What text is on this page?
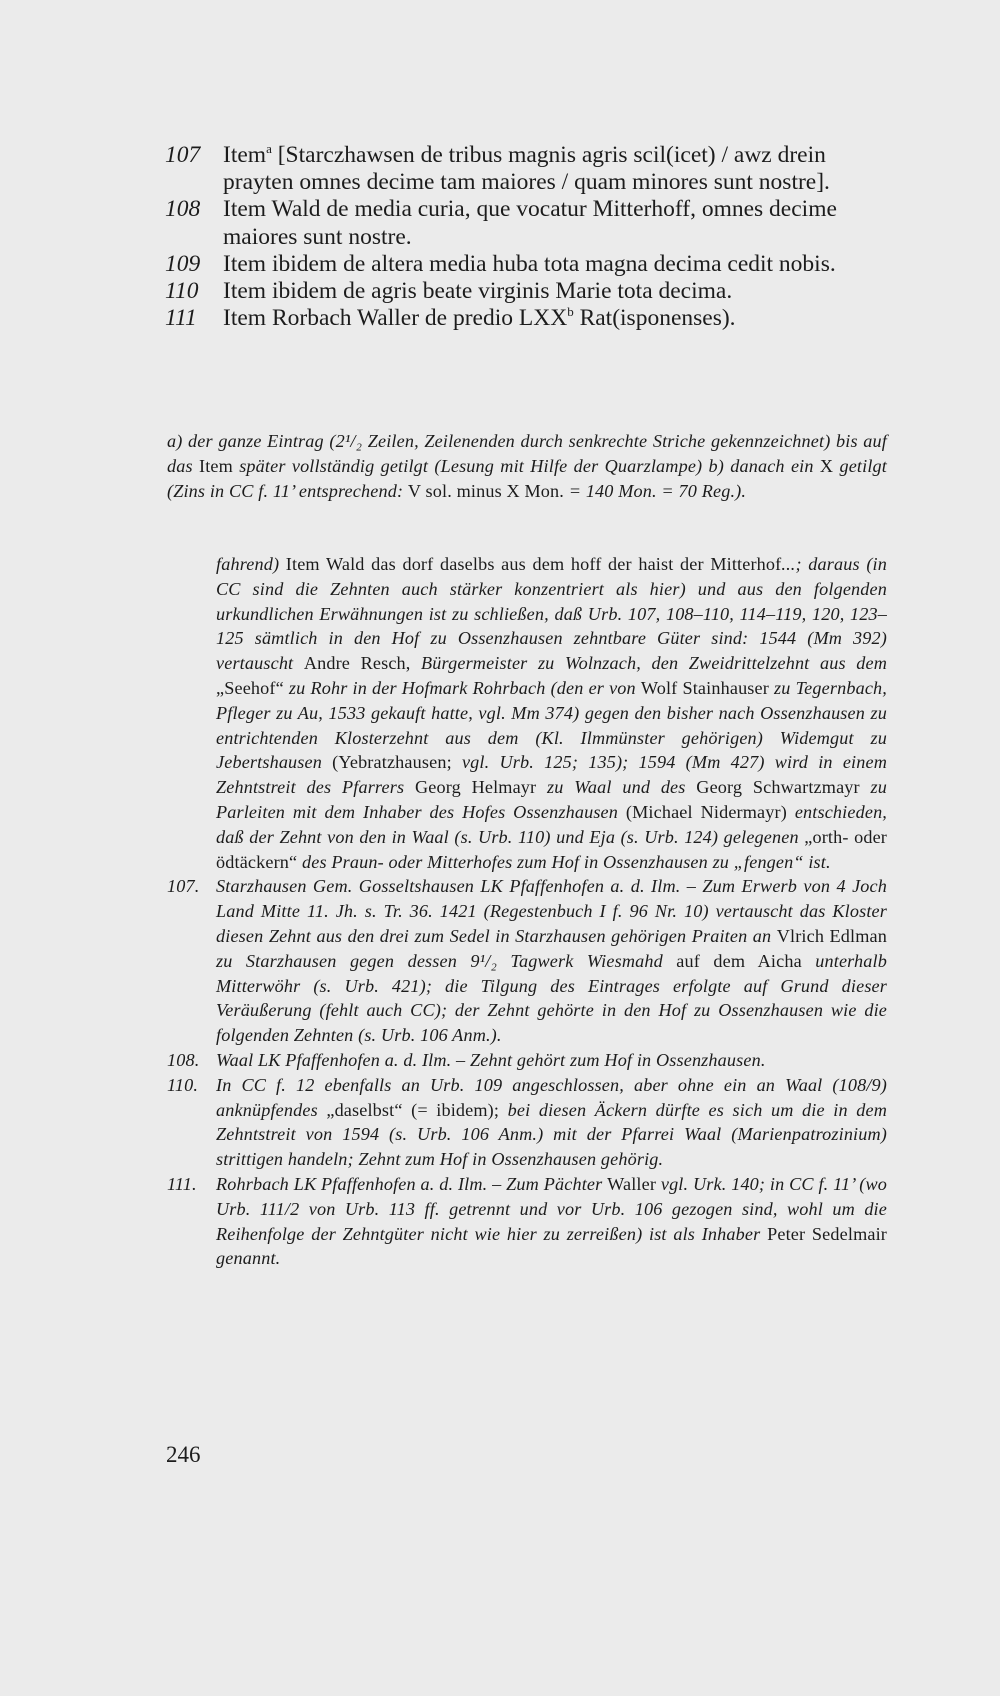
107 Item$^a$ [Starczhawsen de tribus magnis agris scil(icet) / awz drein prayten omnes decime tam maiores / quam minores sunt nostre].

108 Item Wald de media curia, que vocatur Mitterhoff, omnes decime maiores sunt nostre.

109 Item ibidem de altera media huba tota magna decima cedit nobis.

110 Item ibidem de agris beate virginis Marie tota decima.

111 Item Rorbach Waller de predio LXX$^b$ Rat(isponenses).

a) der ganze Eintrag (2¹/₂ Zeilen, Zeilenenden durch senkrechte Striche gekennzeichnet) bis auf das Item später vollständig getilgt (Lesung mit Hilfe der Quarzlampe) b) danach ein X getilgt (Zins in CC f. 11’ entsprechend: V sol. minus X Mon. = 140 Mon. = 70 Reg.).

fahrend) Item Wald das dorf daselbs aus dem hoff der haist der Mitterhof...; daraus (in CC sind die Zehnten auch stärker konzentriert als hier) und aus den folgenden urkundlichen Erwähnungen ist zu schließen, daß Urb. 107, 108–110, 114–119, 120, 123–125 sämtlich in den Hof zu Ossenzhausen zehntbare Güter sind: 1544 (Mm 392) vertauscht Andre Resch, Bürgermeister zu Wolnzach, den Zweidrittelzehnt aus dem „Seehof“ zu Rohr in der Hofmark Rohrbach (den er von Wolf Stainhauser zu Tegernbach, Pfleger zu Au, 1533 gekauft hatte, vgl. Mm 374) gegen den bisher nach Ossenzhausen zu entrichtenden Klosterzehnt aus dem (Kl. Ilmmünster gehörigen) Widemgut zu Jebertshausen (Yebratzhausen; vgl. Urb. 125; 135); 1594 (Mm 427) wird in einem Zehntstreit des Pfarrers Georg Helmayr zu Waal und des Georg Schwartzmayr zu Parleiten mit dem Inhaber des Hofes Ossenzhausen (Michael Nidermayr) entschieden, daß der Zehnt von den in Waal (s. Urb. 110) und Eja (s. Urb. 124) gelegenen „orth- oder ödtäckern“ des Praun- oder Mitterhofes zum Hof in Ossenzhausen zu „fengen“ ist.

107. Starzhausen Gem. Gosseltshausen LK Pfaffenhofen a. d. Ilm. – Zum Erwerb von 4 Joch Land Mitte 11. Jh. s. Tr. 36. 1421 (Regestenbuch I f. 96 Nr. 10) vertauscht das Kloster diesen Zehnt aus den drei zum Sedel in Starzhausen gehörigen Praiten an Vlrich Edlman zu Starzhausen gegen dessen 9¹/₂ Tagwerk Wiesmahd auf dem Aicha unterhalb Mitterwöhr (s. Urb. 421); die Tilgung des Eintrages erfolgte auf Grund dieser Veräußerung (fehlt auch CC); der Zehnt gehörte in den Hof zu Ossenzhausen wie die folgenden Zehnten (s. Urb. 106 Anm.).

108. Waal LK Pfaffenhofen a. d. Ilm. – Zehnt gehört zum Hof in Ossenzhausen.

110. In CC f. 12 ebenfalls an Urb. 109 angeschlossen, aber ohne ein an Waal (108/9) anknüpfendes „daselbst“ (= ibidem); bei diesen Äckern dürfte es sich um die in dem Zehntstreit von 1594 (s. Urb. 106 Anm.) mit der Pfarrei Waal (Marienpatrozinium) strittigen handeln; Zehnt zum Hof in Ossenzhausen gehörig.

111. Rohrbach LK Pfaffenhofen a. d. Ilm. – Zum Pächter Waller vgl. Urk. 140; in CC f. 11’ (wo Urb. 111/2 von Urb. 113 ff. getrennt und vor Urb. 106 gezogen sind, wohl um die Reihenfolge der Zehntgüter nicht wie hier zu zerreißen) ist als Inhaber Peter Sedelmair genannt.

246
